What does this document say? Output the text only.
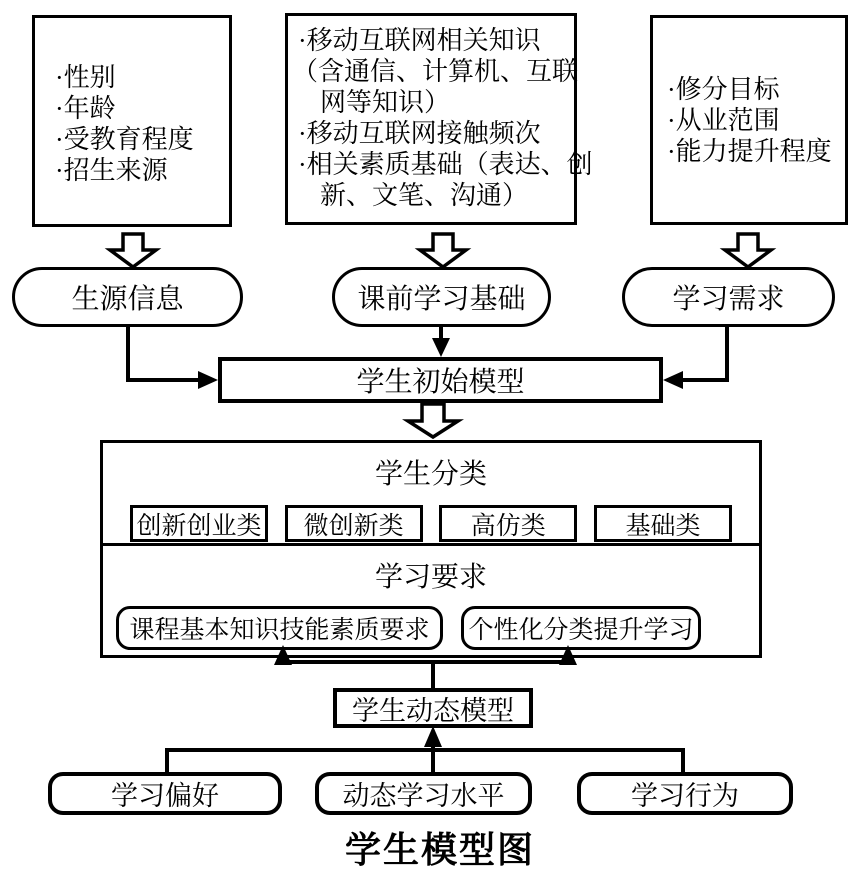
·性别
·年龄
·受教育程度
·招生来源
·移动互联网相关知识
（含通信、计算机、互联
网等知识）
·移动互联网接触频次
·相关素质基础（表达、创
新、文笔、沟通）
·修分目标
·从业范围
·能力提升程度
生源信息	课前学习基础	学习需求
学生初始模型
学生分类
创新创业类	微创新类	高仿类	基础类
学习要求
课程基本知识技能素质要求 个性化分类提升学习
学生动态模型
学习偏好	动态学习水平	学习行为
学生模型图
